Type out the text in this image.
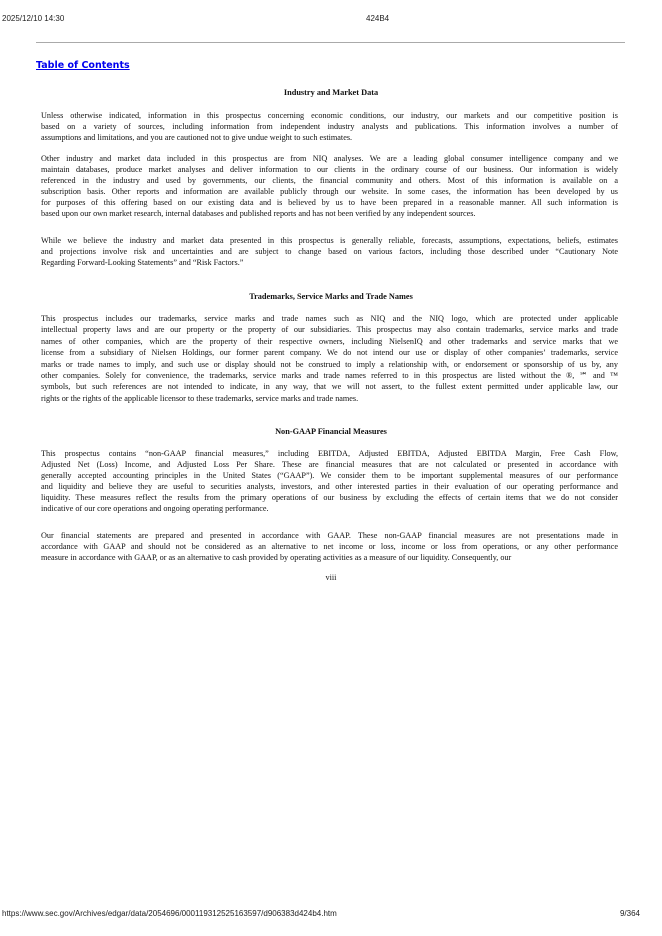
2025/12/10 14:30	424B4
Table of Contents
Industry and Market Data
Unless otherwise indicated, information in this prospectus concerning economic conditions, our industry, our markets and our competitive position is
based on a variety of sources, including information from independent industry analysts and publications. This information involves a number of
assumptions and limitations, and you are cautioned not to give undue weight to such estimates.
Other industry and market data included in this prospectus are from NIQ analyses. We are a leading global consumer intelligence company and we
maintain databases, produce market analyses and deliver information to our clients in the ordinary course of our business. Our information is widely
referenced in the industry and used by governments, our clients, the financial community and others. Most of this information is available on a
subscription basis. Other reports and information are available publicly through our website. In some cases, the information has been developed by us
for purposes of this offering based on our existing data and is believed by us to have been prepared in a reasonable manner. All such information is
based upon our own market research, internal databases and published reports and has not been verified by any independent sources.
While we believe the industry and market data presented in this prospectus is generally reliable, forecasts, assumptions, expectations, beliefs, estimates
and projections involve risk and uncertainties and are subject to change based on various factors, including those described under “Cautionary Note
Regarding Forward-Looking Statements” and “Risk Factors.”
Trademarks, Service Marks and Trade Names
This prospectus includes our trademarks, service marks and trade names such as NIQ and the NIQ logo, which are protected under applicable
intellectual property laws and are our property or the property of our subsidiaries. This prospectus may also contain trademarks, service marks and trade
names of other companies, which are the property of their respective owners, including NielsenIQ and other trademarks and service marks that we
license from a subsidiary of Nielsen Holdings, our former parent company. We do not intend our use or display of other companies’ trademarks, service
marks or trade names to imply, and such use or display should not be construed to imply a relationship with, or endorsement or sponsorship of us by, any
other companies. Solely for convenience, the trademarks, service marks and trade names referred to in this prospectus are listed without the ®, ℠ and ™
symbols, but such references are not intended to indicate, in any way, that we will not assert, to the fullest extent permitted under applicable law, our
rights or the rights of the applicable licensor to these trademarks, service marks and trade names.
Non-GAAP Financial Measures
This prospectus contains “non-GAAP financial measures,” including EBITDA, Adjusted EBITDA, Adjusted EBITDA Margin, Free Cash Flow,
Adjusted Net (Loss) Income, and Adjusted Loss Per Share. These are financial measures that are not calculated or presented in accordance with
generally accepted accounting principles in the United States (“GAAP”). We consider them to be important supplemental measures of our performance
and liquidity and believe they are useful to securities analysts, investors, and other interested parties in their evaluation of our operating performance and
liquidity. These measures reflect the results from the primary operations of our business by excluding the effects of certain items that we do not consider
indicative of our core operations and ongoing operating performance.
Our financial statements are prepared and presented in accordance with GAAP. These non-GAAP financial measures are not presentations made in
accordance with GAAP and should not be considered as an alternative to net income or loss, income or loss from operations, or any other performance
measure in accordance with GAAP, or as an alternative to cash provided by operating activities as a measure of our liquidity. Consequently, our
viii
https://www.sec.gov/Archives/edgar/data/2054696/000119312525163597/d906383d424b4.htm	9/364
